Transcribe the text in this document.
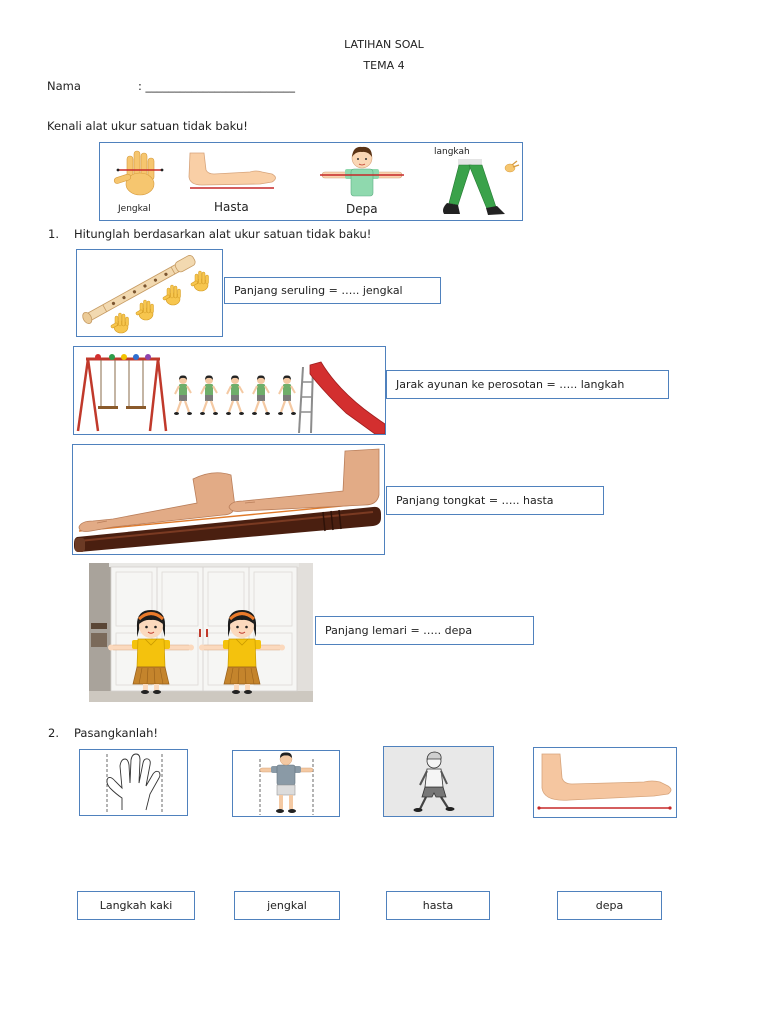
LATIHAN SOAL
TEMA 4
Nama	: __________________________
Kenali alat ukur satuan tidak baku!
Jengkal	Hasta	Depa
langkah
1. Hitunglah berdasarkan alat ukur satuan tidak baku!
Panjang seruling = ….. jengkal
Jarak ayunan ke perosotan = ….. langkah
Panjang tongkat = ….. hasta
Panjang lemari = ….. depa
2. Pasangkanlah!
Langkah kaki	jengkal	hasta	depa
